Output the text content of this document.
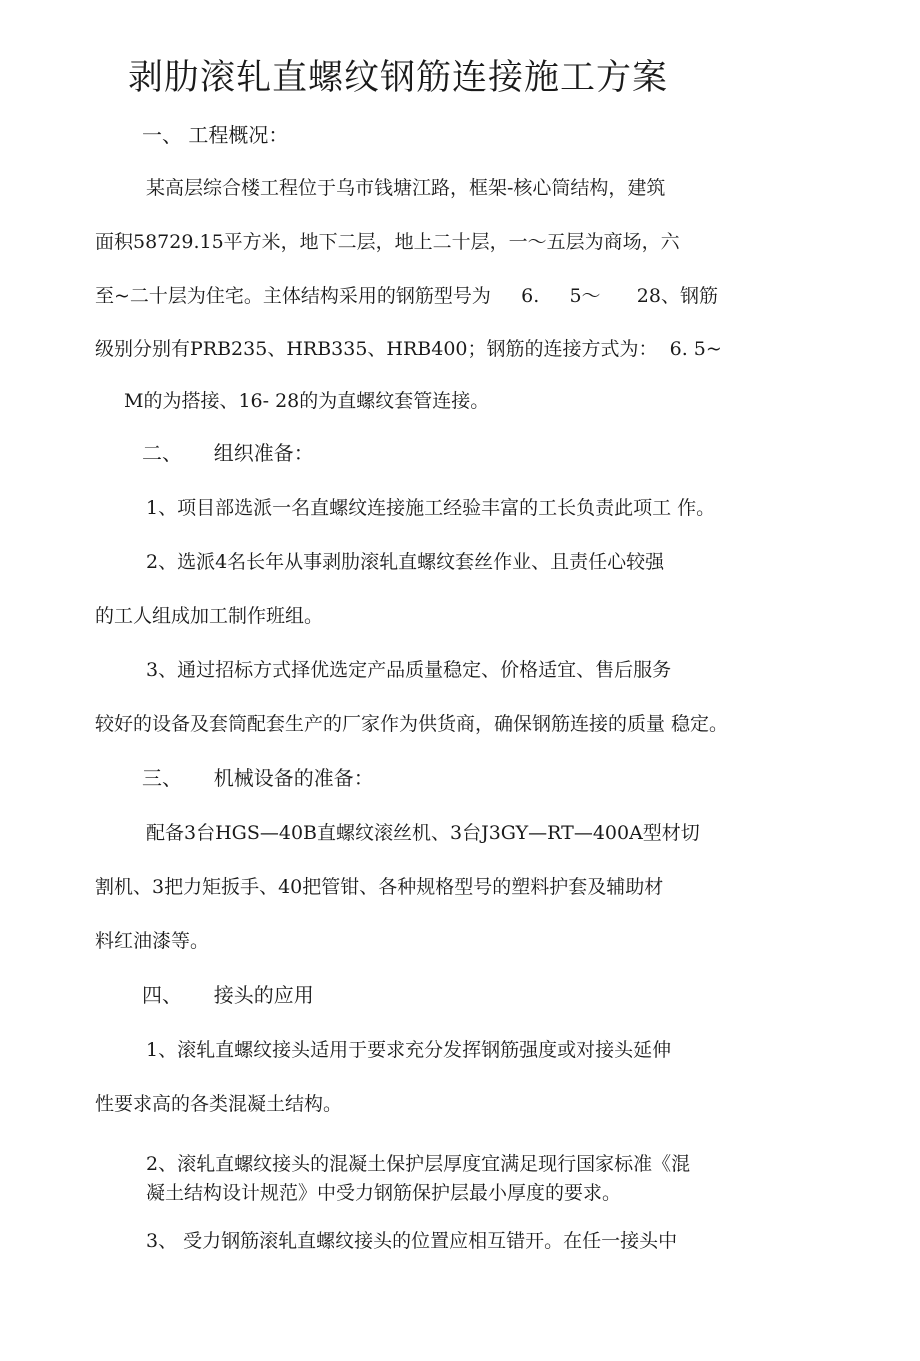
剥肋滚轧直螺纹钢筋连接施工方案
一、 工程概况：
某高层综合楼工程位于乌市钱塘江路，框架-核心筒结构，建筑
面积58729.15平方米，地下二层，地上二十层，一～五层为商场，六
至~二十层为住宅。主体结构采用的钢筋型号为     6.     5～      28、钢筋
级别分别有PRB235、HRB335、HRB400；钢筋的连接方式为：  6. 5~
M的为搭接、16- 28的为直螺纹套管连接。
二、     组织准备：
1、项目部选派一名直螺纹连接施工经验丰富的工长负责此项工 作。
2、选派4名长年从事剥肋滚轧直螺纹套丝作业、且责任心较强
的工人组成加工制作班组。
3、通过招标方式择优选定产品质量稳定、价格适宜、售后服务
较好的设备及套筒配套生产的厂家作为供货商，确保钢筋连接的质量 稳定。
三、     机械设备的准备：
配备3台HGS—40B直螺纹滚丝机、3台J3GY—RT—400A型材切
割机、3把力矩扳手、40把管钳、各种规格型号的塑料护套及辅助材
料红油漆等。
四、     接头的应用
1、滚轧直螺纹接头适用于要求充分发挥钢筋强度或对接头延伸
性要求高的各类混凝土结构。
2、滚轧直螺纹接头的混凝土保护层厚度宜满足现行国家标准《混
凝土结构设计规范》中受力钢筋保护层最小厚度的要求。
3、 受力钢筋滚轧直螺纹接头的位置应相互错开。在任一接头中
